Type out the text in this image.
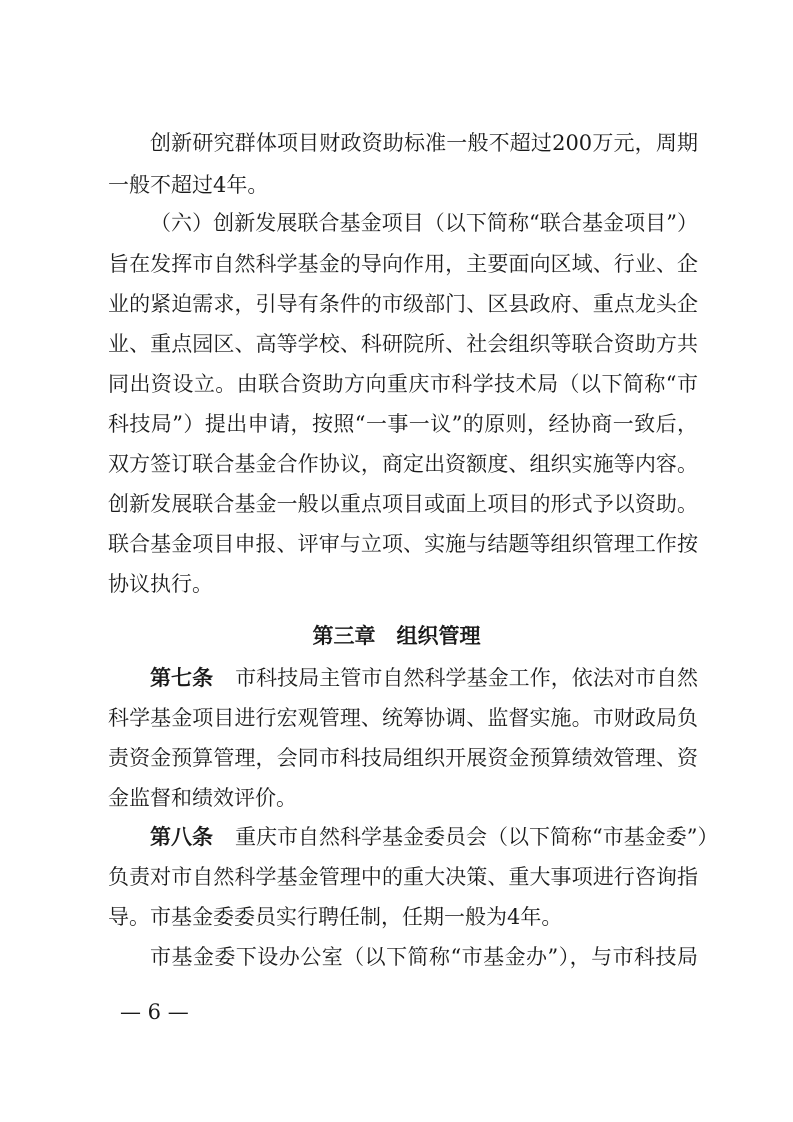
创新研究群体项目财政资助标准一般不超过200万元，周期
一般不超过4年。
（六）创新发展联合基金项目（以下简称“联合基金项目”）
旨在发挥市自然科学基金的导向作用，主要面向区域、行业、企
业的紧迫需求，引导有条件的市级部门、区县政府、重点龙头企
业、重点园区、高等学校、科研院所、社会组织等联合资助方共
同出资设立。由联合资助方向重庆市科学技术局（以下简称“市
科技局”）提出申请，按照“一事一议”的原则，经协商一致后，
双方签订联合基金合作协议，商定出资额度、组织实施等内容。
创新发展联合基金一般以重点项目或面上项目的形式予以资助。
联合基金项目申报、评审与立项、实施与结题等组织管理工作按
协议执行。
第三章　组织管理
第七条 市科技局主管市自然科学基金工作，依法对市自然
科学基金项目进行宏观管理、统筹协调、监督实施。市财政局负
责资金预算管理，会同市科技局组织开展资金预算绩效管理、资
金监督和绩效评价。
第八条 重庆市自然科学基金委员会（以下简称“市基金委”）
负责对市自然科学基金管理中的重大决策、重大事项进行咨询指
导。市基金委委员实行聘任制，任期一般为4年。
市基金委下设办公室（以下简称“市基金办”），与市科技局
— 6 —
